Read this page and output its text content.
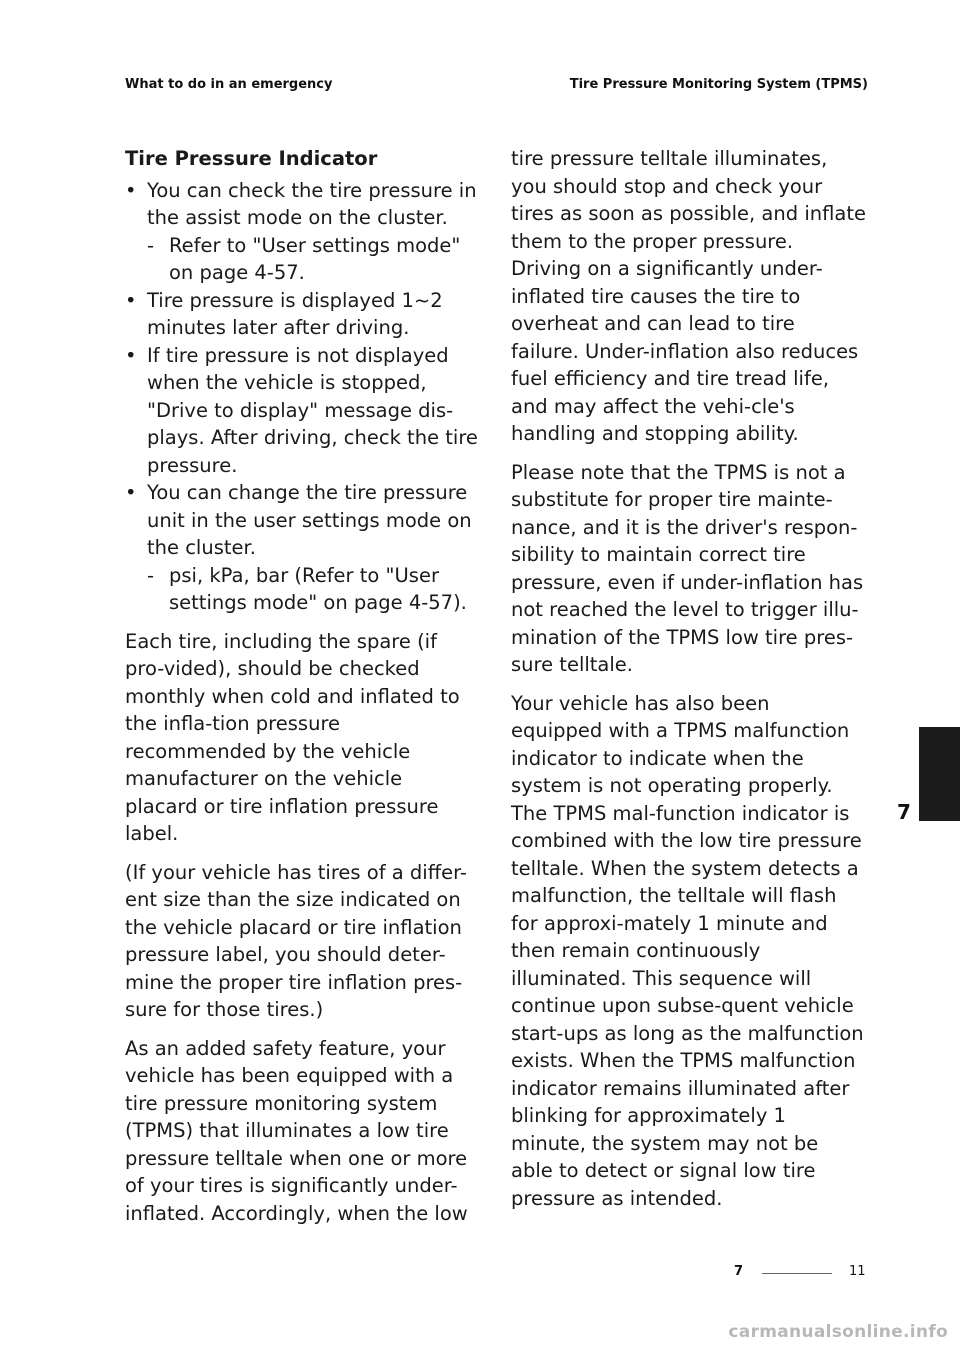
What to do in an emergency	Tire Pressure Monitoring System (TPMS)
Tire Pressure Indicator
• You can check the tire pressure in the assist mode on the cluster.
- Refer to "User settings mode" on page 4-57.
• Tire pressure is displayed 1~2 minutes later after driving.
• If tire pressure is not displayed when the vehicle is stopped, "Drive to display" message dis-plays. After driving, check the tire pressure.
• You can change the tire pressure unit in the user settings mode on the cluster.
- psi, kPa, bar (Refer to "User settings mode" on page 4-57).

Each tire, including the spare (if pro-vided), should be checked monthly when cold and inflated to the infla-tion pressure recommended by the vehicle manufacturer on the vehicle placard or tire inflation pressure label.

(If your vehicle has tires of a differ-ent size than the size indicated on the vehicle placard or tire inflation pressure label, you should deter-mine the proper tire inflation pres-sure for those tires.)

As an added safety feature, your vehicle has been equipped with a tire pressure monitoring system (TPMS) that illuminates a low tire pressure telltale when one or more of your tires is significantly under-inflated. Accordingly, when the low

tire pressure telltale illuminates, you should stop and check your tires as soon as possible, and inflate them to the proper pressure. Driving on a significantly under-inflated tire causes the tire to overheat and can lead to tire failure. Under-inflation also reduces fuel efficiency and tire tread life, and may affect the vehi-cle's handling and stopping ability.

Please note that the TPMS is not a substitute for proper tire mainte-nance, and it is the driver's respon-sibility to maintain correct tire pressure, even if under-inflation has not reached the level to trigger illu-mination of the TPMS low tire pres-sure telltale.

Your vehicle has also been equipped with a TPMS malfunction indicator to indicate when the system is not operating properly. The TPMS mal-function indicator is combined with the low tire pressure telltale. When the system detects a malfunction, the telltale will flash for approxi-mately 1 minute and then remain continuously illuminated. This sequence will continue upon subse-quent vehicle start-ups as long as the malfunction exists. When the TPMS malfunction indicator remains illuminated after blinking for approximately 1 minute, the system may not be able to detect or signal low tire pressure as intended.

7
7	11
carmanualsonline.info
